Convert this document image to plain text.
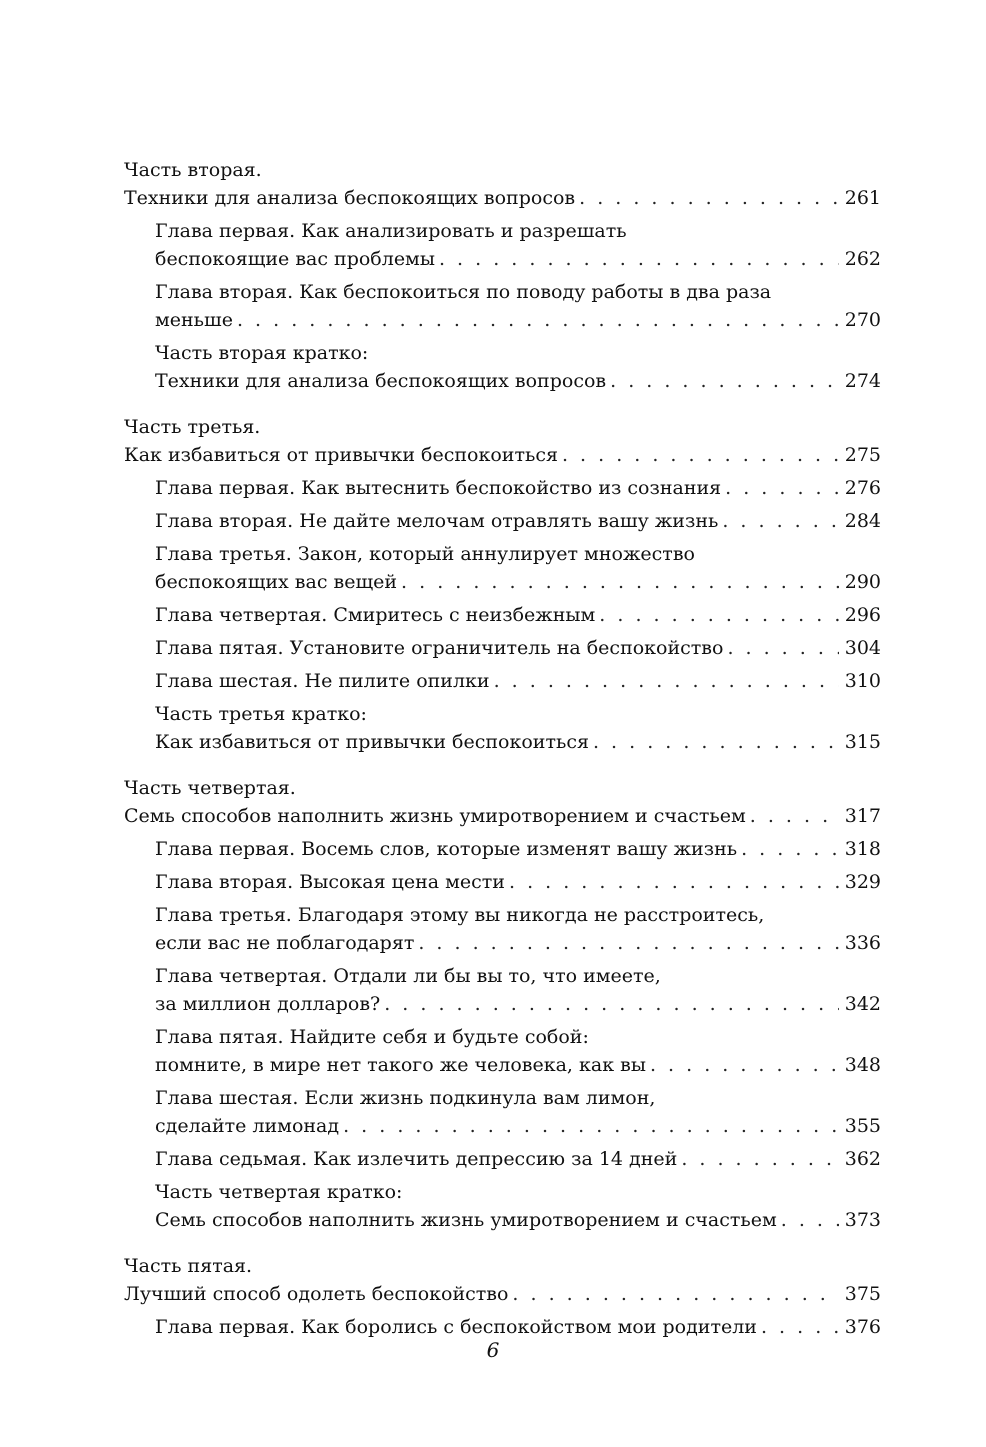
Часть вторая.
Техники для анализа беспокоящих вопросов . . .	261
Глава первая. Как анализировать и разрешать
беспокоящие вас проблемы . . .	262
Глава вторая. Как беспокоиться по поводу работы в два раза
меньше . . .	270
Часть вторая кратко:
Техники для анализа беспокоящих вопросов . . .	274
Часть третья.
Как избавиться от привычки беспокоиться . . .	275
Глава первая. Как вытеснить беспокойство из сознания . . .	276
Глава вторая. Не дайте мелочам отравлять вашу жизнь . . .	284
Глава третья. Закон, который аннулирует множество
беспокоящих вас вещей . . .	290
Глава четвертая. Смиритесь с неизбежным . . .	296
Глава пятая. Установите ограничитель на беспокойство . . .	304
Глава шестая. Не пилите опилки . . .	310
Часть третья кратко:
Как избавиться от привычки беспокоиться . . .	315
Часть четвертая.
Семь способов наполнить жизнь умиротворением и счастьем . . .	317
Глава первая. Восемь слов, которые изменят вашу жизнь . . .	318
Глава вторая. Высокая цена мести . . .	329
Глава третья. Благодаря этому вы никогда не расстроитесь,
если вас не поблагодарят . . .	336
Глава четвертая. Отдали ли бы вы то, что имеете,
за миллион долларов? . . .	342
Глава пятая. Найдите себя и будьте собой:
помните, в мире нет такого же человека, как вы . . .	348
Глава шестая. Если жизнь подкинула вам лимон,
сделайте лимонад . . .	355
Глава седьмая. Как излечить депрессию за 14 дней . . .	362
Часть четвертая кратко:
Семь способов наполнить жизнь умиротворением и счастьем . . .	373
Часть пятая.
Лучший способ одолеть беспокойство . . .	375
Глава первая. Как боролись с беспокойством мои родители . . .	376
6
